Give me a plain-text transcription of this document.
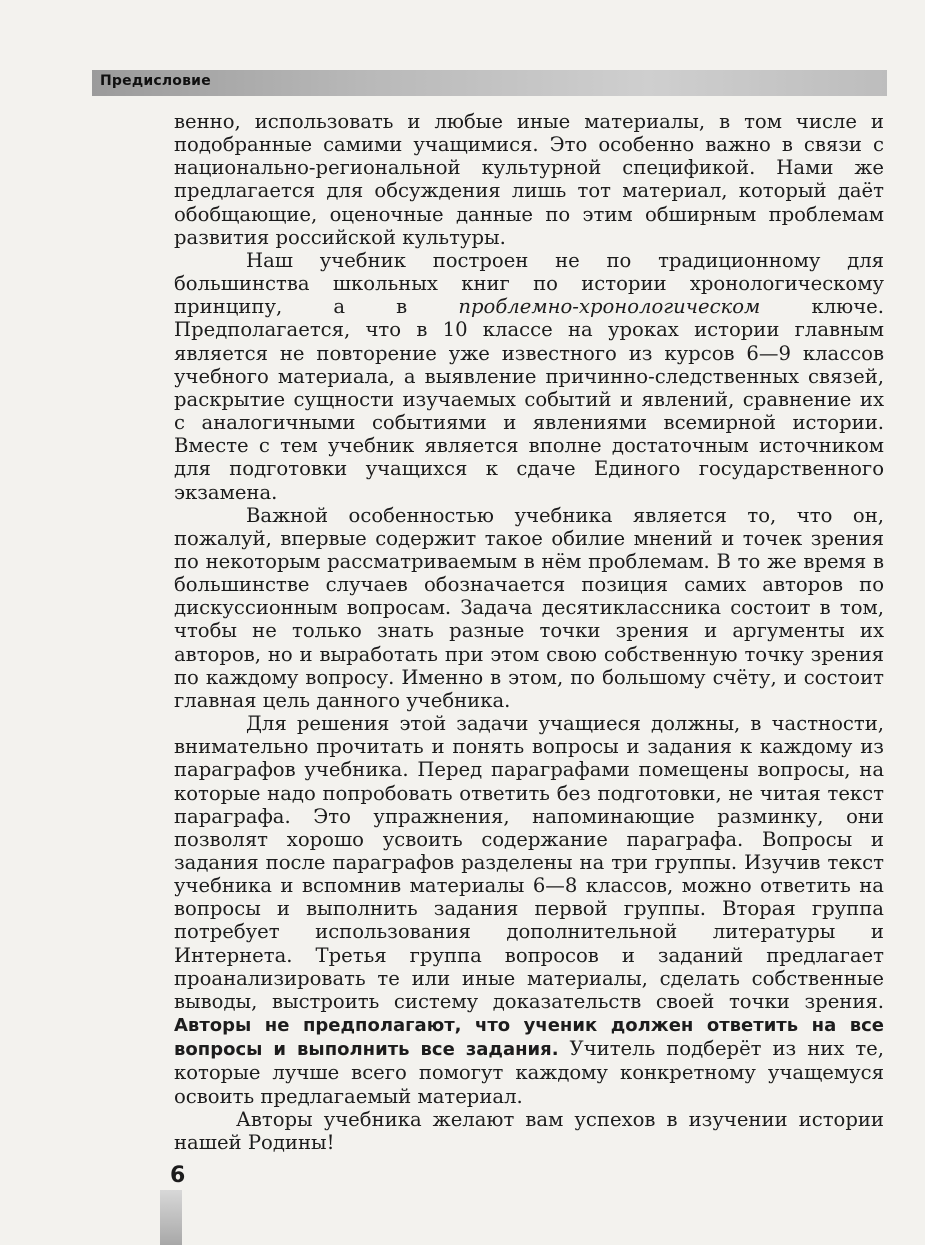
Предисловие

венно, использовать и любые иные материалы, в том числе и подобранные самими учащимися. Это особенно важно в связи с национально-региональной культурной спецификой. Нами же предлагается для обсуждения лишь тот материал, который даёт обобщающие, оценочные данные по этим обширным проблемам развития российской культуры.

Наш учебник построен не по традиционному для большинства школьных книг по истории хронологическому принципу, а в проблемно-хронологическом ключе. Предполагается, что в 10 классе на уроках истории главным является не повторение уже известного из курсов 6—9 классов учебного материала, а выявление причинно-следственных связей, раскрытие сущности изучаемых событий и явлений, сравнение их с аналогичными событиями и явлениями всемирной истории. Вместе с тем учебник является вполне достаточным источником для подготовки учащихся к сдаче Единого государственного экзамена.

Важной особенностью учебника является то, что он, пожалуй, впервые содержит такое обилие мнений и точек зрения по некоторым рассматриваемым в нём проблемам. В то же время в большинстве случаев обозначается позиция самих авторов по дискуссионным вопросам. Задача десятиклассника состоит в том, чтобы не только знать разные точки зрения и аргументы их авторов, но и выработать при этом свою собственную точку зрения по каждому вопросу. Именно в этом, по большому счёту, и состоит главная цель данного учебника.

Для решения этой задачи учащиеся должны, в частности, внимательно прочитать и понять вопросы и задания к каждому из параграфов учебника. Перед параграфами помещены вопросы, на которые надо попробовать ответить без подготовки, не читая текст параграфа. Это упражнения, напоминающие разминку, они позволят хорошо усвоить содержание параграфа. Вопросы и задания после параграфов разделены на три группы. Изучив текст учебника и вспомнив материалы 6—8 классов, можно ответить на вопросы и выполнить задания первой группы. Вторая группа потребует использования дополнительной литературы и Интернета. Третья группа вопросов и заданий предлагает проанализировать те или иные материалы, сделать собственные выводы, выстроить систему доказательств своей точки зрения. Авторы не предполагают, что ученик должен ответить на все вопросы и выполнить все задания. Учитель подберёт из них те, которые лучше всего помогут каждому конкретному учащемуся освоить предлагаемый материал.

Авторы учебника желают вам успехов в изучении истории нашей Родины!

6
